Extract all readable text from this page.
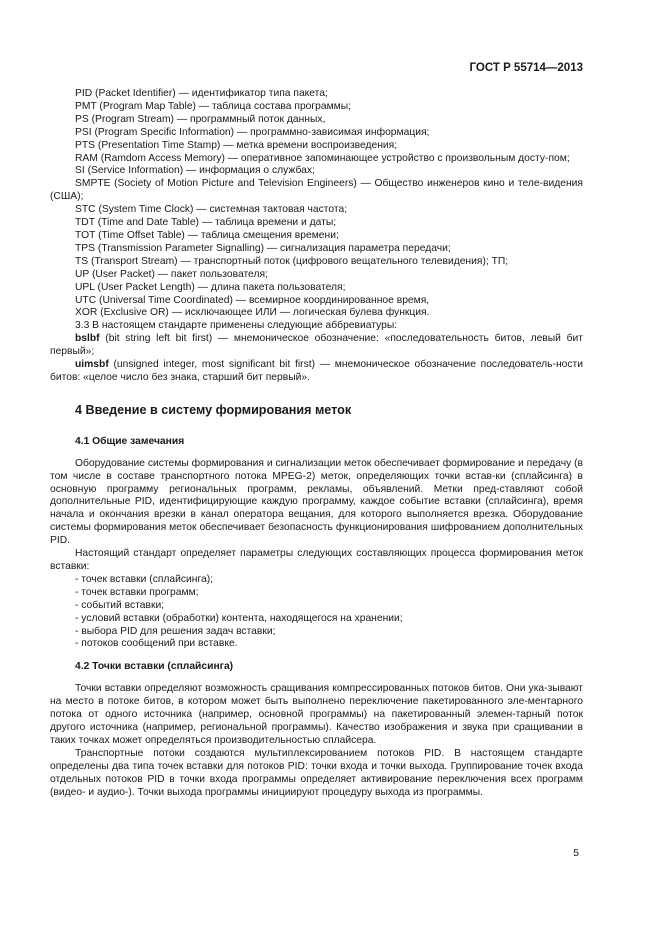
ГОСТ Р 55714—2013

PID (Packet Identifier) — идентификатор типа пакета;

PMT (Program Map Table) — таблица состава программы;

PS (Program Stream) — программный поток данных,

PSI (Program Specific Information) — программно-зависимая информация;

PTS (Presentation Time Stamp) — метка времени воспроизведения;

RAM (Ramdom Access Memory) — оперативное запоминающее устройство с произвольным досту-пом;

SI (Service Information) — информация о службах;

SMPTE (Society of Motion Picture and Television Engineers) — Общество инженеров кино и теле-видения (США);

STC (System Time Clock) — системная тактовая частота;

TDT (Time and Date Table) — таблица времени и даты;

TOT (Time Offset Table) — таблица смещения времени;

TPS (Transmission Parameter Signalling) — сигнализация параметра передачи;

TS (Transport Stream) — транспортный поток (цифрового вещательного телевидения); ТП;

UP (User Packet) — пакет пользователя;

UPL (User Packet Length) — длина пакета пользователя;

UTC (Universal Time Coordinated) — всемирное координированное время,

XOR (Exclusive OR) — исключающее ИЛИ — логическая булева функция.

3.3 В настоящем стандарте применены следующие аббревиатуры:

bslbf (bit string left bit first) — мнемоническое обозначение: «последовательность битов, левый бит первый»;

uimsbf (unsigned integer, most significant bit first) — мнемоническое обозначение последователь-ности битов: «целое число без знака, старший бит первый».

4 Введение в систему формирования меток
4.1 Общие замечания

Оборудование системы формирования и сигнализации меток обеспечивает формирование и передачу (в том числе в составе транспортного потока MPEG-2) меток, определяющих точки встав-ки (сплайсинга) в основную программу региональных программ, рекламы, объявлений. Метки пред-ставляют собой дополнительные PID, идентифицирующие каждую программу, каждое событие вставки (сплайсинга), время начала и окончания врезки в канал оператора вещания, для которого выполняется врезка. Оборудование системы формирования меток обеспечивает безопасность функционирования шифрованием дополнительных PID.

Настоящий стандарт определяет параметры следующих составляющих процесса формирования меток вставки:

- точек вставки (сплайсинга);

- точек вставки программ;

- событий вставки;

- условий вставки (обработки) контента, находящегося на хранении;

- выбора PID для решения задач вставки;

- потоков сообщений при вставке.

4.2 Точки вставки (сплайсинга)

Точки вставки определяют возможность сращивания компрессированных потоков битов. Они ука-зывают на место в потоке битов, в котором может быть выполнено переключение пакетированного эле-ментарного потока от одного источника (например, основной программы) на пакетированный элемен-тарный поток другого источника (например, региональной программы). Качество изображения и звука при сращивании в таких точках может определяться производительностью сплайсера.

Транспортные потоки создаются мультиплексированием потоков PID. В настоящем стандарте определены два типа точек вставки для потоков PID: точки входа и точки выхода. Группирование точек входа отдельных потоков PID в точки входа программы определяет активирование переключения всех программ (видео- и аудио-). Точки выхода программы инициируют процедуру выхода из программы.

5
